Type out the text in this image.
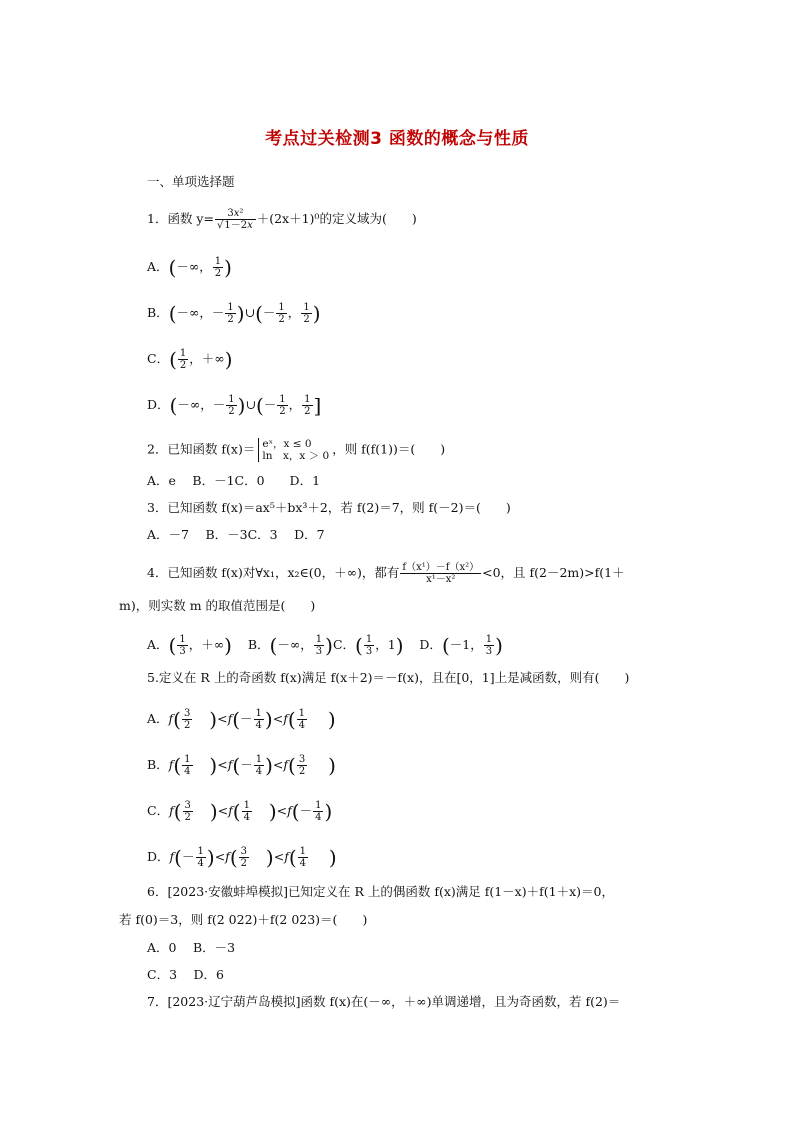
考点过关检测3 函数的概念与性质
一、单项选择题
1．函数 $y= \frac{\text{3x²}}{√1-2x} +(2x+1)^0$的定义域为(　　)
A．(－∞， $\frac{1}{2}$ )
B．(－∞，－ $\frac{1}{2}$ )∪(－ $\frac{1}{2}$ ， $\frac{1}{2}$ )
C．( $\frac{1}{2}$ ，＋∞)
D．(－∞，－ $\frac{1}{2}$ )∪(－ $\frac{1}{2}$ ， $\frac{1}{2}$ ]
2．已知函数 f(x)＝ eˣ，x ≤ 0
ln　x，x ＞ 0 ，则 f(f(1))＝(　　)
A．e　 B．－1C．0　　D．1
3．已知函数 f(x)＝ax⁵＋bx³＋2，若 f(2)＝7，则 f(－2)＝(　　)
A．－7　 B．－3C．3　 D．7
4．已知函数 f(x)对∀x₁，x₂∈(0，＋∞)，都有 $\frac{\text{f（x¹）－f（x²）}}{\text{x¹－x²}} <0$，且 f(2－2m)>f(1＋
m)，则实数 m 的取值范围是(　　)
A．( $\frac{1}{3}$ ，＋∞) B．(－∞， $\frac{1}{3} )C$．( $\frac{1}{3}$ ，1) D．(－1， $\frac{1}{3}$ )
5.定义在 R 上的奇函数 f(x)满足 f(x＋2)＝－f(x)，且在[0，1]上是减函数，则有(　　)
A．$f( \frac{3}{2} )<f(- \frac{1}{4} )<f( \frac{1}{4}$ )
B．$f( \frac{1}{4} )<f(- \frac{1}{4} )<f( \frac{3}{2}$ )
C．$f( \frac{3}{2} )<f( \frac{1}{4} )<f(- \frac{1}{4}$ )
D．$f(- \frac{1}{4} )<f( \frac{3}{2} )<f( \frac{1}{4}$ )
6．[2023·安徽蚌埠模拟]已知定义在 R 上的偶函数 f(x)满足 f(1－x)＋f(1＋x)＝0，
若 f(0)＝3，则 f(2 022)＋f(2 023)＝(　　)
A．0　 B．－3
C．3　 D．6
7．[2023·辽宁葫芦岛模拟]函数 f(x)在(－∞，＋∞)单调递增，且为奇函数，若 f(2)＝
